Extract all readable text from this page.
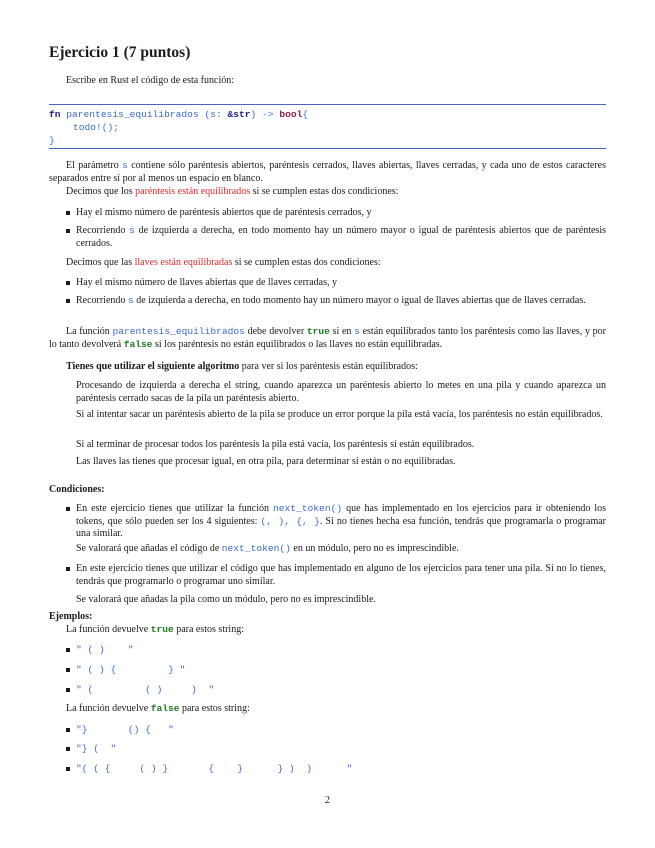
Ejercicio 1 (7 puntos)
Escribe en Rust el código de esta función:
fn parentesis_equilibrados (s: &str) -> bool{
todo!();
}
El parámetro s contiene sólo paréntesis abiertos, paréntesis cerrados, llaves abiertas, llaves cerradas, y cada uno de estos caracteres separados entre sí por al menos un espacio en blanco.
Decimos que los paréntesis están equilibrados si se cumplen estas dos condiciones:
Hay el mismo número de paréntesis abiertos que de paréntesis cerrados, y
Recorriendo s de izquierda a derecha, en todo momento hay un número mayor o igual de paréntesis abiertos que de paréntesis cerrados.
Decimos que las llaves están equilibradas si se cumplen estas dos condiciones:
Hay el mismo número de llaves abiertas que de llaves cerradas, y
Recorriendo s de izquierda a derecha, en todo momento hay un número mayor o igual de llaves abiertas que de llaves cerradas.
La función parentesis_equilibrados debe devolver true si en s están equilibrados tanto los paréntesis como las llaves, y por lo tanto devolverá false si los paréntesis no están equilibrados o las llaves no están equilibradas.
Tienes que utilizar el siguiente algoritmo para ver si los paréntesis están equilibrados:
Procesando de izquierda a derecha el string, cuando aparezca un paréntesis abierto lo metes en una pila y cuando aparezca un paréntesis cerrado sacas de la pila un paréntesis abierto.
Si al intentar sacar un paréntesis abierto de la pila se produce un error porque la pila está vacía, los paréntesis no están equilibrados.
Si al terminar de procesar todos los paréntesis la pila está vacía, los paréntesis sí están equilibrados.
Las llaves las tienes que procesar igual, en otra pila, para determinar si están o no equilibradas.
Condiciones:
En este ejercicio tienes que utilizar la función next_token() que has implementado en los ejercicios para ir obteniendo los tokens, que sólo pueden ser los 4 siguientes: (, ), {, }. Si no tienes hecha esa función, tendrás que programarla o programar una similar.
Se valorará que añadas el código de next_token() en un módulo, pero no es imprescindible.
En este ejercicio tienes que utilizar el código que has implementado en alguno de los ejercicios para tener una pila. Si no lo tienes, tendrás que programarlo o programar uno similar.
Se valorará que añadas la pila como un módulo, pero no es imprescindible.
Ejemplos:
La función devuelve true para estos string:
" ( )    "
" ( ) {         } "
" (         ( )     )  "
La función devuelve false para estos string:
"}       () {   "
"} (  "
"( ( {     ( ) }       {    }      } )  )      "
2
